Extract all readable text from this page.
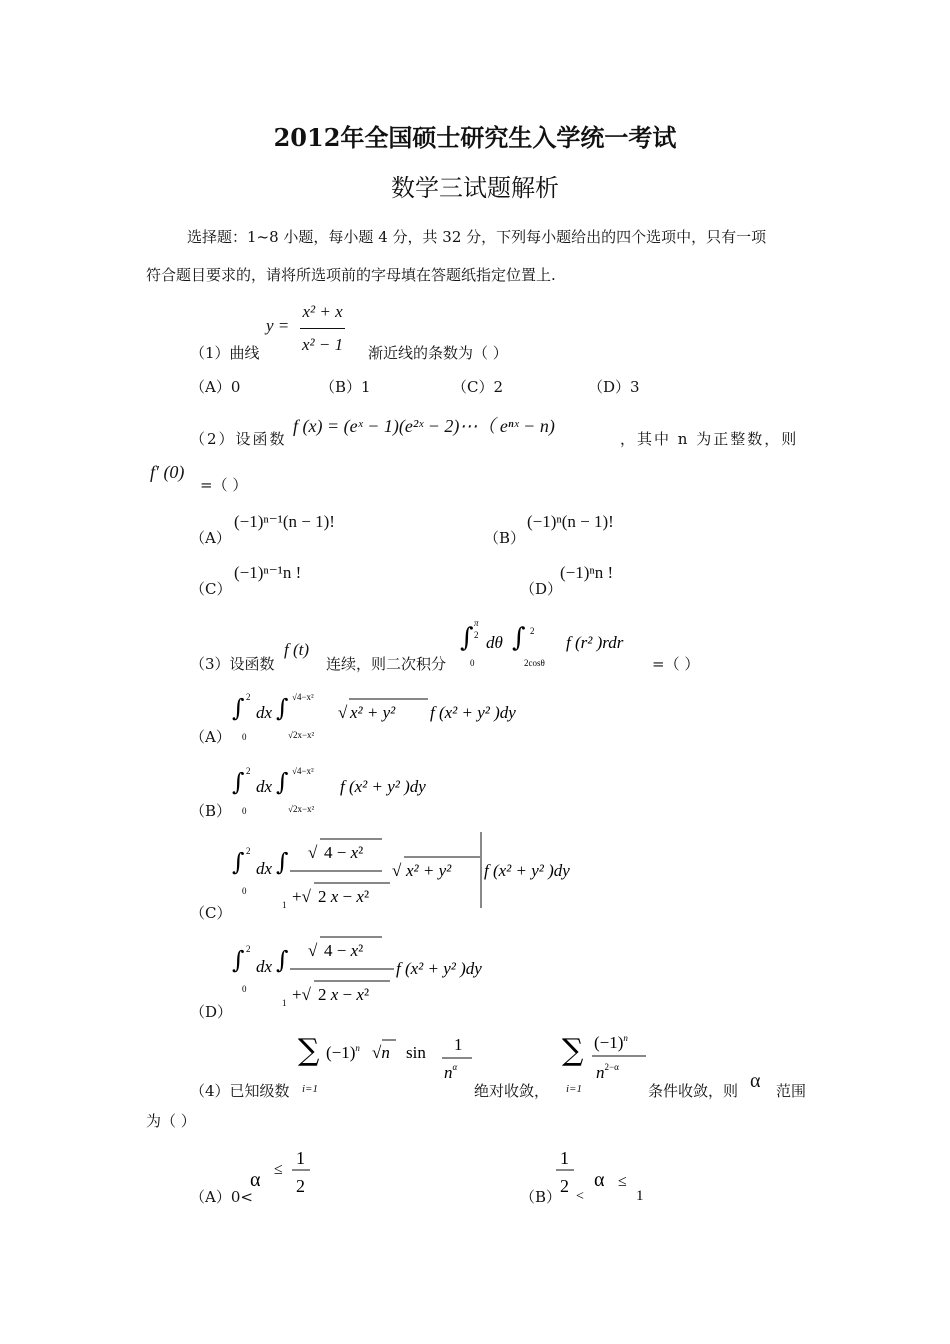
2012年全国硕士研究生入学统一考试
数学三试题解析
选择题：1~8 小题，每小题 4 分，共 32 分，下列每小题给出的四个选项中，只有一项
符合题目要求的，请将所选项前的字母填在答题纸指定位置上.
$y = \frac{\text{x² + x}}{\text{x² − 1}}$
（1）曲线	渐近线的条数为（ ）
（A）0	（B）1	（C）2	（D）3
（2）设函数
f (x) = (eˣ − 1)(e²ˣ − 2)⋯（ eⁿˣ − n)
，其中 n 为正整数，则
f′ (0)
=（ ）
（A）
(−1)ⁿ⁻¹(n − 1)!
（B）
(−1)ⁿ(n − 1)!
（C）
(−1)ⁿ⁻¹n !
（D）
(−1)ⁿn !
（3）设函数
f (t)
连续，则二次积分
∫ π
2
0
dθ ∫ 2
2cosθ
f (r² )rdr
=（ ）
（A）
∫ 2
0
dx ∫ √4−x²
√2x−x²
√ x² + y² f (x² + y² )dy
（B）
∫ 2
0
dx ∫ √4−x²
√2x−x²
f (x² + y² )dy
（C）
∫ 2
0
dx ∫ √ 4 − x²
1 +√ 2 x − x²
√ x² + y² f (x² + y² )dy
（D）
∫ 2
0
dx ∫ √ 4 − x²
1 +√ 2 x − x²
f (x² + y² )dy
∑ $(-1)^n$ √n sin 1
$n^\alpha$
（4）已知级数 i=1	绝对收敛，
∑ $(-1)^n$
$n^{2-\alpha}$
i=1	条件收敛，则 α 范围
为（ ）
（A）0<
α ≤
1
2
（B）
1
2
<
α ≤
1
